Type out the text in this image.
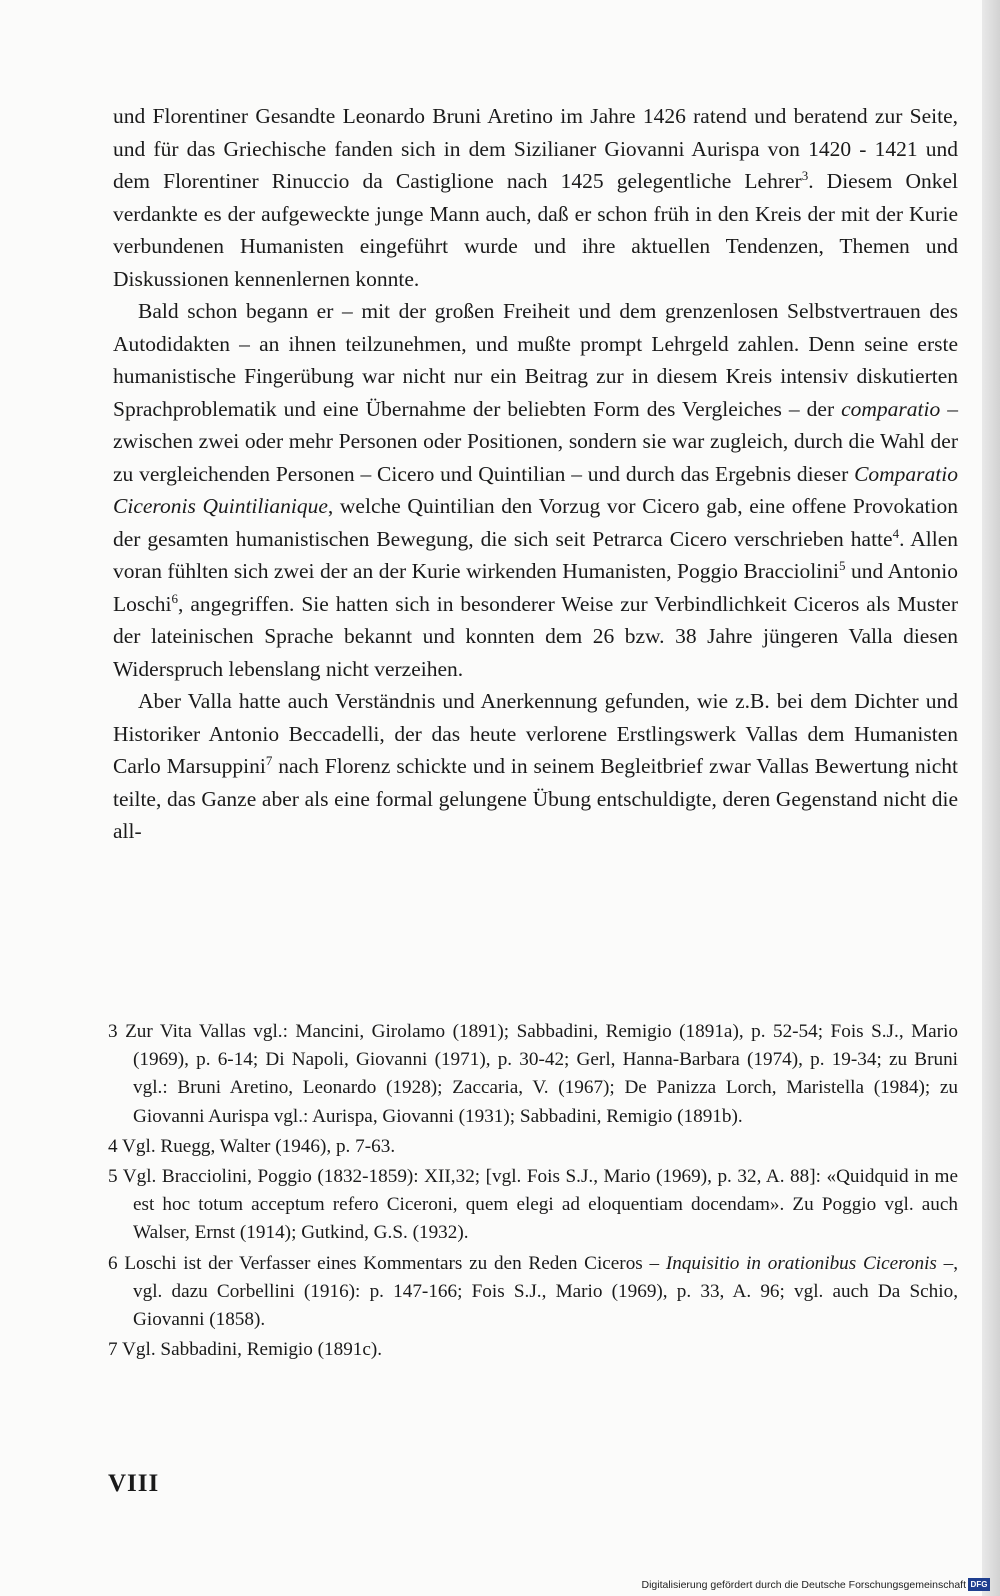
und Florentiner Gesandte Leonardo Bruni Aretino im Jahre 1426 ratend und beratend zur Seite, und für das Griechische fanden sich in dem Sizilianer Giovanni Aurispa von 1420 - 1421 und dem Florentiner Rinuccio da Castiglione nach 1425 gelegentliche Lehrer$^3$. Diesem Onkel verdankte es der aufgeweckte junge Mann auch, daß er schon früh in den Kreis der mit der Kurie verbundenen Humanisten eingeführt wurde und ihre aktuellen Tendenzen, Themen und Diskussionen kennenlernen konnte.

Bald schon begann er – mit der großen Freiheit und dem grenzenlosen Selbstvertrauen des Autodidakten – an ihnen teilzunehmen, und mußte prompt Lehrgeld zahlen. Denn seine erste humanistische Fingerübung war nicht nur ein Beitrag zur in diesem Kreis intensiv diskutierten Sprachproblematik und eine Übernahme der beliebten Form des Vergleiches – der comparatio – zwischen zwei oder mehr Personen oder Positionen, sondern sie war zugleich, durch die Wahl der zu vergleichenden Personen – Cicero und Quintilian – und durch das Ergebnis dieser Comparatio Ciceronis Quintilianique, welche Quintilian den Vorzug vor Cicero gab, eine offene Provokation der gesamten humanistischen Bewegung, die sich seit Petrarca Cicero verschrieben hatte$^4$. Allen voran fühlten sich zwei der an der Kurie wirkenden Humanisten, Poggio Bracciolini$^5$ und Antonio Loschi$^6$, angegriffen. Sie hatten sich in besonderer Weise zur Verbindlichkeit Ciceros als Muster der lateinischen Sprache bekannt und konnten dem 26 bzw. 38 Jahre jüngeren Valla diesen Widerspruch lebenslang nicht verzeihen.

Aber Valla hatte auch Verständnis und Anerkennung gefunden, wie z.B. bei dem Dichter und Historiker Antonio Beccadelli, der das heute verlorene Erstlingswerk Vallas dem Humanisten Carlo Marsuppini$^7$ nach Florenz schickte und in seinem Begleitbrief zwar Vallas Bewertung nicht teilte, das Ganze aber als eine formal gelungene Übung entschuldigte, deren Gegenstand nicht die all-

3 Zur Vita Vallas vgl.: Mancini, Girolamo (1891); Sabbadini, Remigio (1891a), p. 52-54; Fois S.J., Mario (1969), p. 6-14; Di Napoli, Giovanni (1971), p. 30-42; Gerl, Hanna-Barbara (1974), p. 19-34; zu Bruni vgl.: Bruni Aretino, Leonardo (1928); Zaccaria, V. (1967); De Panizza Lorch, Maristella (1984); zu Giovanni Aurispa vgl.: Aurispa, Giovanni (1931); Sabbadini, Remigio (1891b).

4 Vgl. Ruegg, Walter (1946), p. 7-63.

5 Vgl. Bracciolini, Poggio (1832-1859): XII,32; [vgl. Fois S.J., Mario (1969), p. 32, A. 88]: «Quidquid in me est hoc totum acceptum refero Ciceroni, quem elegi ad eloquentiam docendam». Zu Poggio vgl. auch Walser, Ernst (1914); Gutkind, G.S. (1932).

6 Loschi ist der Verfasser eines Kommentars zu den Reden Ciceros – Inquisitio in orationibus Ciceronis –, vgl. dazu Corbellini (1916): p. 147-166; Fois S.J., Mario (1969), p. 33, A. 96; vgl. auch Da Schio, Giovanni (1858).

7 Vgl. Sabbadini, Remigio (1891c).

VIII
Digitalisierung gefördert durch die Deutsche Forschungsgemeinschaft DFG
